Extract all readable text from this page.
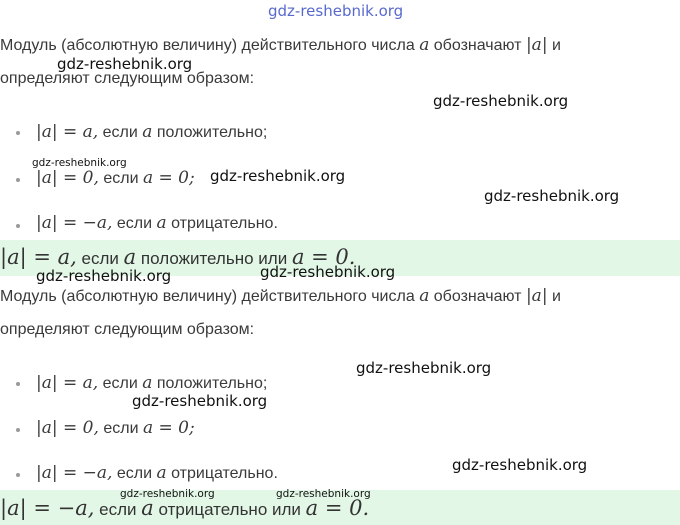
gdz-reshebnik.org
Модуль (абсолютную величину) действительного числа a обозначают |a| и
определяют следующим образом:
|a| = a, если a положительно;
|a| = 0, если a = 0;
|a| = −a, если a отрицательно.
|a| = a, если a положительно или a = 0.
Модуль (абсолютную величину) действительного числа a обозначают |a| и
определяют следующим образом:
|a| = a, если a положительно;
|a| = 0, если a = 0;
|a| = −a, если a отрицательно.
|a| = −a, если a отрицательно или a = 0.
gdz-reshebnik.org
gdz-reshebnik.org
gdz-reshebnik.org
gdz-reshebnik.org
gdz-reshebnik.org
gdz-reshebnik.org	gdz-reshebnik.org
gdz-reshebnik.org
gdz-reshebnik.org
gdz-reshebnik.org
gdz-reshebnik.org	gdz-reshebnik.org
